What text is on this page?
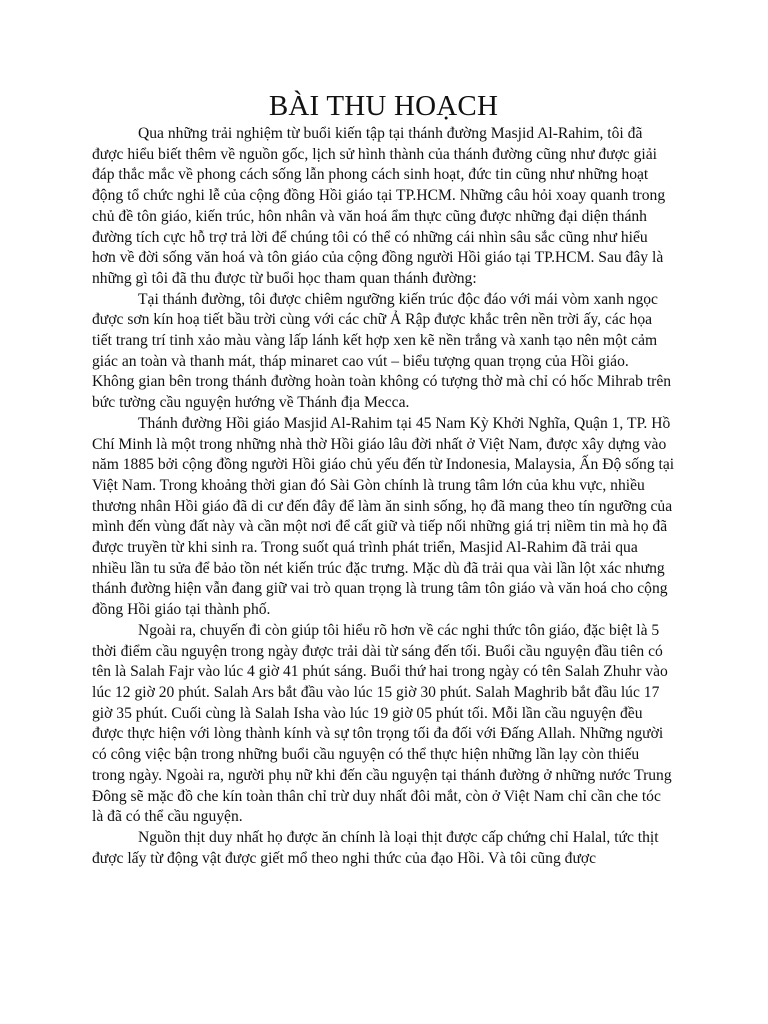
BÀI THU HOẠCH

Qua những trải nghiệm từ buổi kiến tập tại thánh đường Masjid Al-Rahim, tôi đã được hiểu biết thêm về nguồn gốc, lịch sử hình thành của thánh đường cũng như được giải đáp thắc mắc về phong cách sống lẫn phong cách sinh hoạt, đức tin cũng như những hoạt động tổ chức nghi lễ của cộng đồng Hồi giáo tại TP.HCM. Những câu hỏi xoay quanh trong chủ đề tôn giáo, kiến trúc, hôn nhân và văn hoá ẩm thực cũng được những đại diện thánh đường tích cực hỗ trợ trả lời để chúng tôi có thể có những cái nhìn sâu sắc cũng như hiểu hơn về đời sống văn hoá và tôn giáo của cộng đồng người Hồi giáo tại TP.HCM. Sau đây là những gì tôi đã thu được từ buổi học tham quan thánh đường:

Tại thánh đường, tôi được chiêm ngưỡng kiến trúc độc đáo với mái vòm xanh ngọc được sơn kín hoạ tiết bầu trời cùng với các chữ Ả Rập được khắc trên nền trời ấy, các họa tiết trang trí tinh xảo màu vàng lấp lánh kết hợp xen kẽ nền trắng và xanh tạo nên một cảm giác an toàn và thanh mát, tháp minaret cao vút – biểu tượng quan trọng của Hồi giáo. Không gian bên trong thánh đường hoàn toàn không có tượng thờ mà chỉ có hốc Mihrab trên bức tường cầu nguyện hướng về Thánh địa Mecca.

Thánh đường Hồi giáo Masjid Al-Rahim tại 45 Nam Kỳ Khởi Nghĩa, Quận 1, TP. Hồ Chí Minh là một trong những nhà thờ Hồi giáo lâu đời nhất ở Việt Nam, được xây dựng vào năm 1885 bởi cộng đồng người Hồi giáo chủ yếu đến từ Indonesia, Malaysia, Ấn Độ sống tại Việt Nam. Trong khoảng thời gian đó Sài Gòn chính là trung tâm lớn của khu vực, nhiều thương nhân Hồi giáo đã di cư đến đây để làm ăn sinh sống, họ đã mang theo tín ngưỡng của mình đến vùng đất này và cần một nơi để cất giữ và tiếp nối những giá trị niềm tin mà họ đã được truyền từ khi sinh ra. Trong suốt quá trình phát triển, Masjid Al-Rahim đã trải qua nhiều lần tu sửa để bảo tồn nét kiến trúc đặc trưng. Mặc dù đã trải qua vài lần lột xác nhưng thánh đường hiện vẫn đang giữ vai trò quan trọng là trung tâm tôn giáo và văn hoá cho cộng đồng Hồi giáo tại thành phố.

Ngoài ra, chuyến đi còn giúp tôi hiểu rõ hơn về các nghi thức tôn giáo, đặc biệt là 5 thời điểm cầu nguyện trong ngày được trải dài từ sáng đến tối. Buổi cầu nguyện đầu tiên có tên là Salah Fajr vào lúc 4 giờ 41 phút sáng. Buổi thứ hai trong ngày có tên Salah Zhuhr vào lúc 12 giờ 20 phút. Salah Ars bắt đầu vào lúc 15 giờ 30 phút. Salah Maghrib bắt đầu lúc 17 giờ 35 phút. Cuối cùng là Salah Isha vào lúc 19 giờ 05 phút tối. Mỗi lần cầu nguyện đều được thực hiện với lòng thành kính và sự tôn trọng tối đa đối với Đấng Allah. Những người có công việc bận trong những buổi cầu nguyện có thể thực hiện những lần lạy còn thiếu trong ngày. Ngoài ra, người phụ nữ khi đến cầu nguyện tại thánh đường ở những nước Trung Đông sẽ mặc đồ che kín toàn thân chỉ trừ duy nhất đôi mắt, còn ở Việt Nam chỉ cần che tóc là đã có thể cầu nguyện.

Nguồn thịt duy nhất họ được ăn chính là loại thịt được cấp chứng chỉ Halal, tức thịt được lấy từ động vật được giết mổ theo nghi thức của đạo Hồi. Và tôi cũng được
